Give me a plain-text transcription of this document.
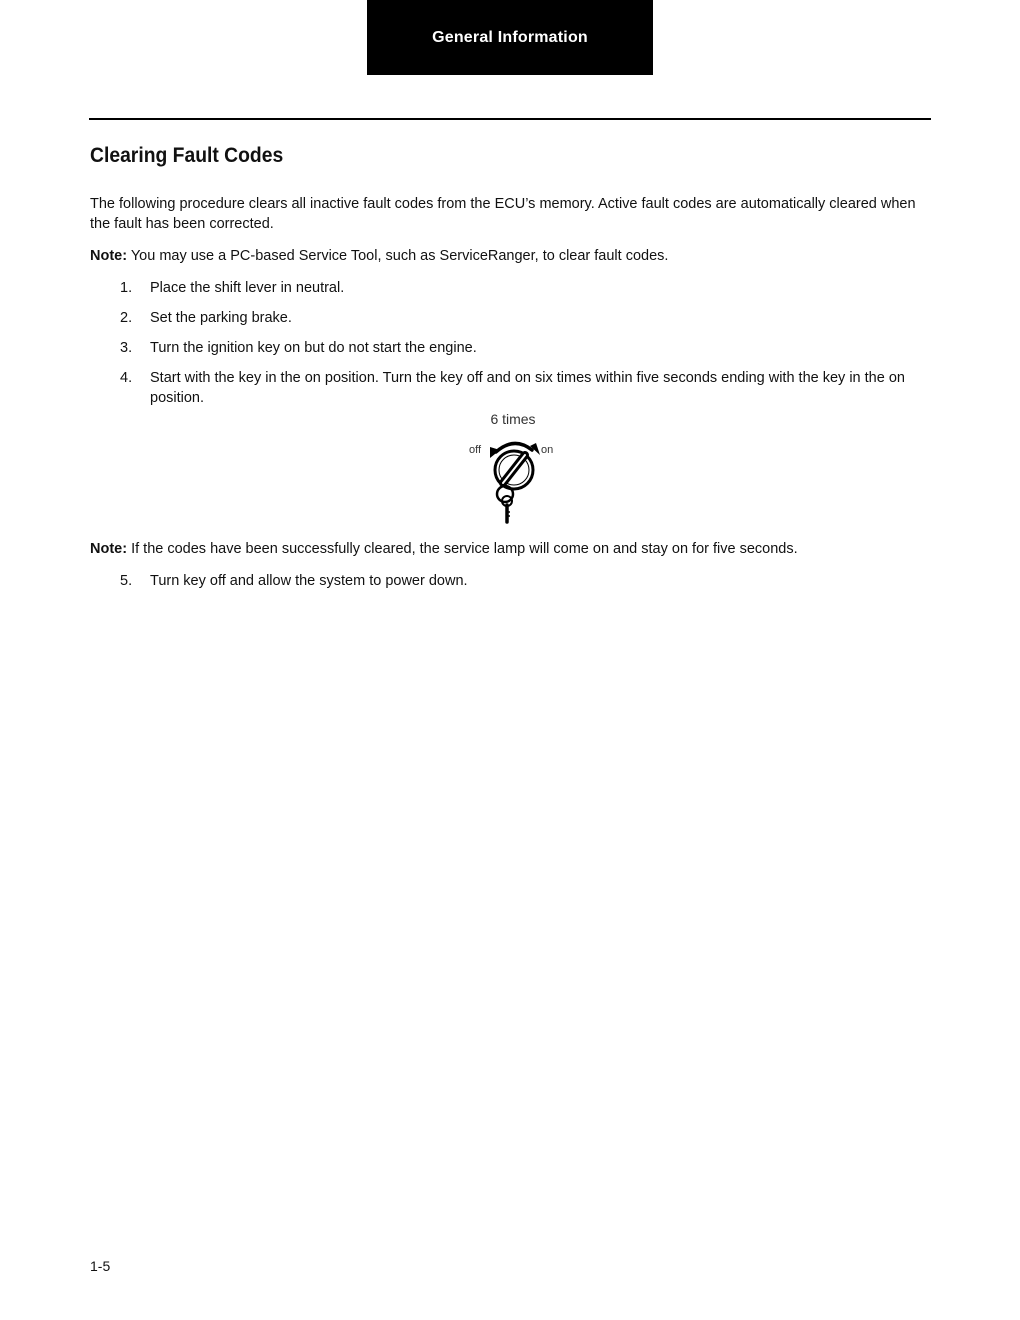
General Information
Clearing Fault Codes

The following procedure clears all inactive fault codes from the ECU’s memory. Active fault codes are automatically cleared when the fault has been corrected.

Note: You may use a PC-based Service Tool, such as ServiceRanger, to clear fault codes.

1.	Place the shift lever in neutral.
2.	Set the parking brake.
3.	Turn the ignition key on but do not start the engine.
4.	Start with the key in the on position. Turn the key off and on six times within five seconds ending with the key in the on position.
6 times
off	on

Note: If the codes have been successfully cleared, the service lamp will come on and stay on for five seconds.

5.	Turn key off and allow the system to power down.
1-5
